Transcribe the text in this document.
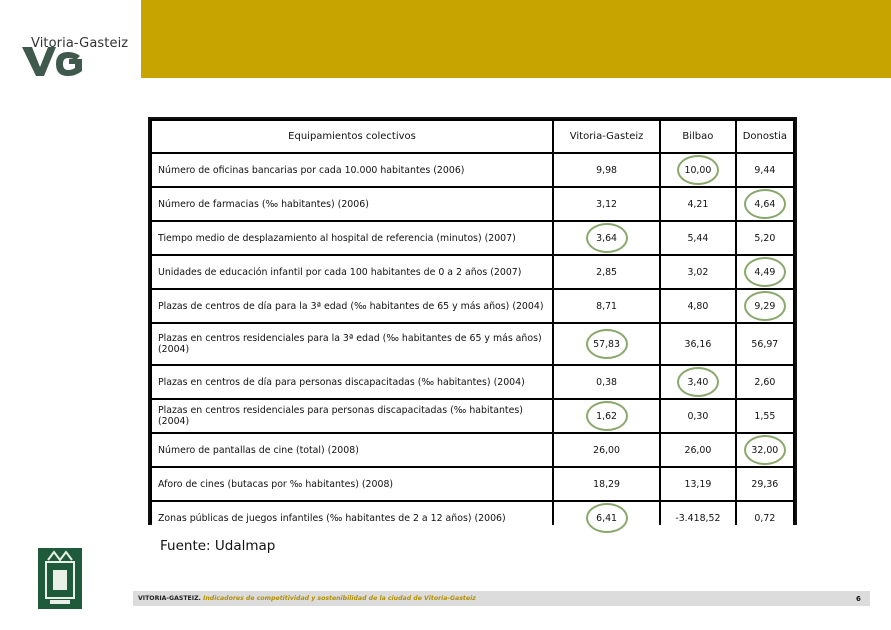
Vitoria-Gasteiz
Equipamientos colectivos	Vitoria-Gasteiz	Bilbao	Donostia
Número de oficinas bancarias por cada 10.000 habitantes (2006)	9,98	10,00	9,44
Número de farmacias (‰ habitantes) (2006)	3,12	4,21	4,64
Tiempo medio de desplazamiento al hospital de referencia (minutos) (2007)	3,64	5,44	5,20
Unidades de educación infantil por cada 100 habitantes de 0 a 2 años (2007)	2,85	3,02	4,49
Plazas de centros de día para la 3ª edad (‰ habitantes de 65 y más años) (2004)	8,71	4,80	9,29
Plazas en centros residenciales para la 3ª edad (‰ habitantes de 65 y más años) (2004)	57,83	36,16	56,97
Plazas en centros de día para personas discapacitadas (‰ habitantes) (2004)	0,38	3,40	2,60
Plazas en centros residenciales para personas discapacitadas (‰ habitantes) (2004)	1,62	0,30	1,55
Número de pantallas de cine (total) (2008)	26,00	26,00	32,00
Aforo de cines (butacas por ‰ habitantes) (2008)	18,29	13,19	29,36
Zonas públicas de juegos infantiles (‰ habitantes de 2 a 12 años) (2006)	6,41	-3.418,52	0,72
Fuente: Udalmap
VITORIA-GASTEIZ. Indicadores de competitividad y sostenibilidad de la ciudad de Vitoria-Gasteiz	6
